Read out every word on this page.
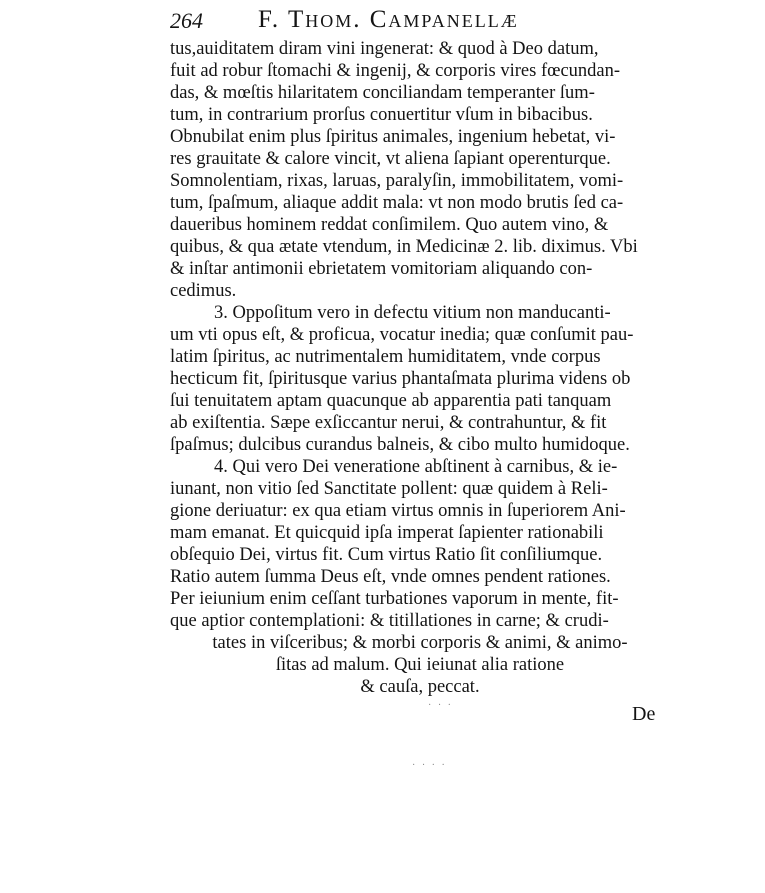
264 F. Thom. Campanellæ
tus,auiditatem diram vini ingenerat: & quod à Deo datum,
fuit ad robur ſtomachi & ingenij, & corporis vires fœcundan-
das, & mœſtis hilaritatem conciliandam temperanter ſum-
tum, in contrarium prorſus conuertitur vſum in bibacibus.
Obnubilat enim plus ſpiritus animales, ingenium hebetat, vi-
res grauitate & calore vincit, vt aliena ſapiant operenturque.
Somnolentiam, rixas, laruas, paralyſin, immobilitatem, vomi-
tum, ſpaſmum, aliaque addit mala: vt non modo brutis ſed ca-
daueribus hominem reddat conſimilem. Quo autem vino, &
quibus, & qua ætate vtendum, in Medicinæ 2. lib. diximus. Vbi
& inſtar antimonii ebrietatem vomitoriam aliquando con-
cedimus.
3. Oppoſitum vero in defectu vitium non manducanti-
um vti opus eſt, & proficua, vocatur inedia; quæ conſumit pau-
latim ſpiritus, ac nutrimentalem humiditatem, vnde corpus
hecticum fit, ſpiritusque varius phantaſmata plurima videns ob
ſui tenuitatem aptam quacunque ab apparentia pati tanquam
ab exiſtentia. Sæpe exſiccantur nerui, & contrahuntur, & fit
ſpaſmus; dulcibus curandus balneis, & cibo multo humidoque.
4. Qui vero Dei veneratione abſtinent à carnibus, & ie-
iunant, non vitio ſed Sanctitate pollent: quæ quidem à Reli-
gione deriuatur: ex qua etiam virtus omnis in ſuperiorem Ani-
mam emanat. Et quicquid ipſa imperat ſapienter rationabili
obſequio Dei, virtus fit. Cum virtus Ratio ſit conſiliumque.
Ratio autem ſumma Deus eſt, vnde omnes pendent rationes.
Per ieiunium enim ceſſant turbationes vaporum in mente, fit-
que aptior contemplationi: & titillationes in carne; & crudi-
tates in viſceribus; & morbi corporis & animi, & animo-
ſitas ad malum. Qui ieiunat alia ratione
& cauſa, peccat.
De
· · ·
· · · ·
